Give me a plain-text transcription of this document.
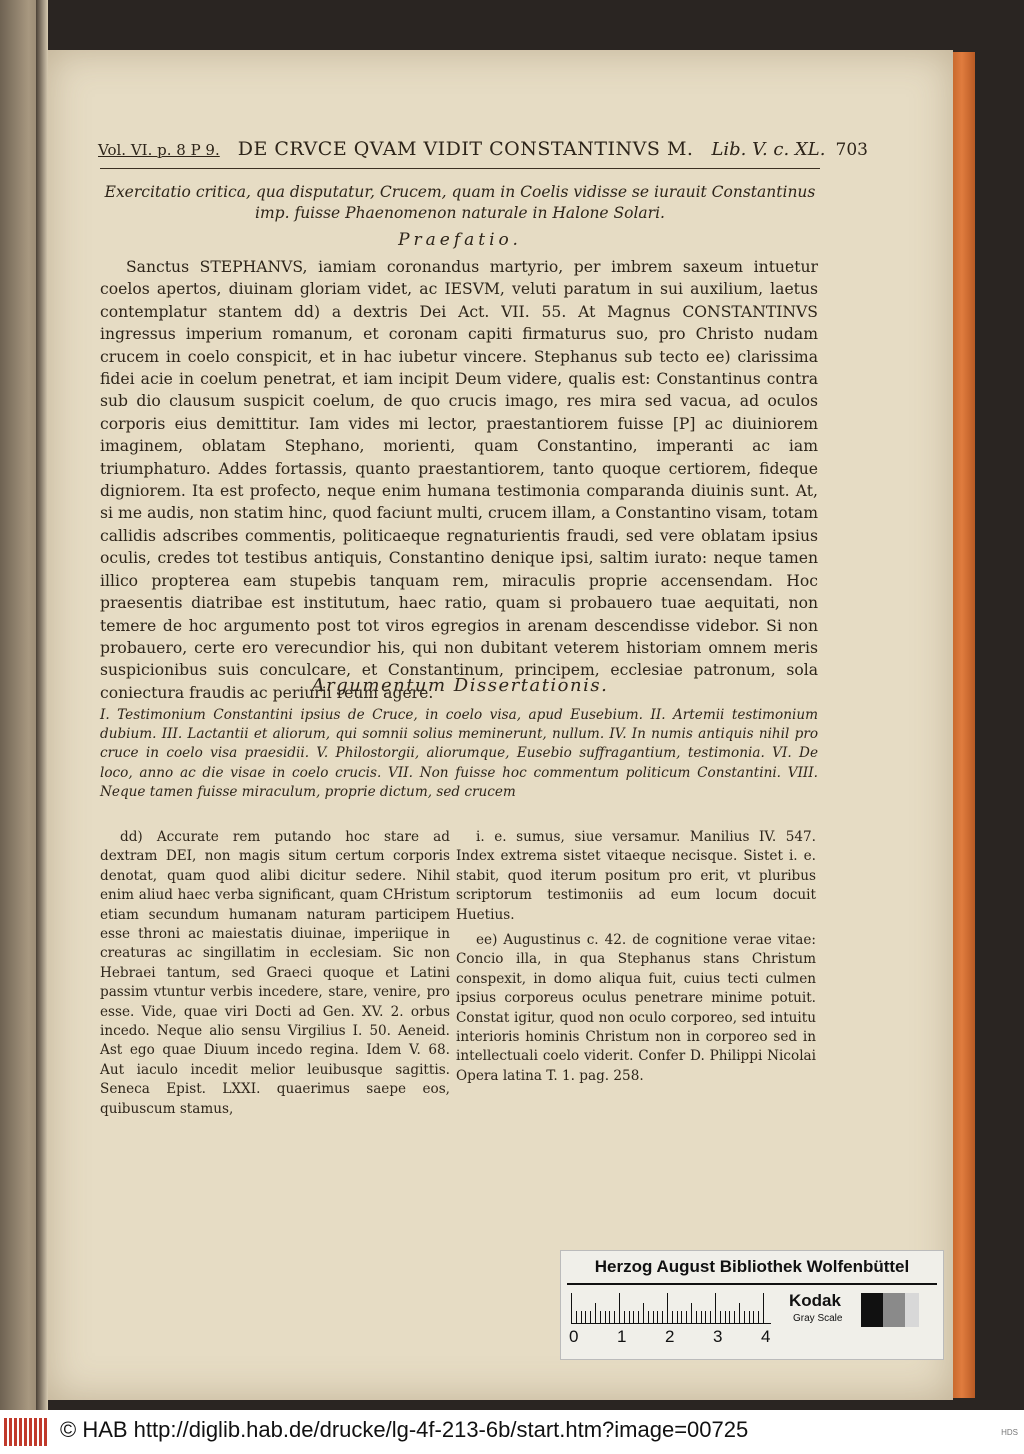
Vol. VI. p. 8 P 9. DE CRVCE QVAM VIDIT CONSTANTINVS M. Lib. V. c. XL. 703
Exercitatio critica, qua disputatur, Crucem, quam in Coelis vidisse se iurauit Constantinus imp. fuisse Phaenomenon naturale in Halone Solari.
Praefatio.
Sanctus STEPHANVS, iamiam coronandus martyrio, per imbrem saxeum intuetur coelos apertos, diuinam gloriam videt, ac IESVM, veluti paratum in sui auxilium, laetus contemplatur stantem dd) a dextris Dei Act. VII. 55. At Magnus CONSTANTINVS ingressus imperium romanum, et coronam capiti firmaturus suo, pro Christo nudam crucem in coelo conspicit, et in hac iubetur vincere. Stephanus sub tecto ee) clarissima fidei acie in coelum penetrat, et iam incipit Deum videre, qualis est: Constantinus contra sub dio clausum suspicit coelum, de quo crucis imago, res mira sed vacua, ad oculos corporis eius demittitur. Iam vides mi lector, praestantiorem fuisse [P] ac diuiniorem imaginem, oblatam Stephano, morienti, quam Constantino, imperanti ac iam triumphaturo. Addes fortassis, quanto praestantiorem, tanto quoque certiorem, fideque digniorem. Ita est profecto, neque enim humana testimonia comparanda diuinis sunt. At, si me audis, non statim hinc, quod faciunt multi, crucem illam, a Constantino visam, totam callidis adscribes commentis, politicaeque regnaturientis fraudi, sed vere oblatam ipsius oculis, credes tot testibus antiquis, Constantino denique ipsi, saltim iurato: neque tamen illico propterea eam stupebis tanquam rem, miraculis proprie accensendam. Hoc praesentis diatribae est institutum, haec ratio, quam si probauero tuae aequitati, non temere de hoc argumento post tot viros egregios in arenam descendisse videbor. Si non probauero, certe ero verecundior his, qui non dubitant veterem historiam omnem meris suspicionibus suis conculcare, et Constantinum, principem, ecclesiae patronum, sola coniectura fraudis ac periurii reum agere.
Argumentum Dissertationis.
I. Testimonium Constantini ipsius de Cruce, in coelo visa, apud Eusebium. II. Artemii testimonium dubium. III. Lactantii et aliorum, qui somnii solius meminerunt, nullum. IV. In numis antiquis nihil pro cruce in coelo visa praesidii. V. Philostorgii, aliorumque, Eusebio suffragantium, testimonia. VI. De loco, anno ac die visae in coelo crucis. VII. Non fuisse hoc commentum politicum Constantini. VIII. Neque tamen fuisse miraculum, proprie dictum, sed crucem

dd) Accurate rem putando hoc stare ad dextram DEI, non magis situm certum corporis denotat, quam quod alibi dicitur sedere. Nihil enim aliud haec verba significant, quam CHristum etiam secundum humanam naturam participem esse throni ac maiestatis diuinae, imperiique in creaturas ac singillatim in ecclesiam. Sic non Hebraei tantum, sed Graeci quoque et Latini passim vtuntur verbis incedere, stare, venire, pro esse. Vide, quae viri Docti ad Gen. XV. 2. orbus incedo. Neque alio sensu Virgilius I. 50. Aeneid. Ast ego quae Diuum incedo regina. Idem V. 68. Aut iaculo incedit melior leuibusque sagittis. Seneca Epist. LXXI. quaerimus saepe eos, quibuscum stamus,

i. e. sumus, siue versamur. Manilius IV. 547. Index extrema sistet vitaeque necisque. Sistet i. e. stabit, quod iterum positum pro erit, vt pluribus scriptorum testimoniis ad eum locum docuit Huetius.

ee) Augustinus c. 42. de cognitione verae vitae: Concio illa, in qua Stephanus stans Christum conspexit, in domo aliqua fuit, cuius tecti culmen ipsius corporeus oculus penetrare minime potuit. Constat igitur, quod non oculo corporeo, sed intuitu interioris hominis Christum non in corporeo sed in intellectuali coelo viderit. Confer D. Philippi Nicolai Opera latina T. 1. pag. 258.

Herzog August Bibliothek Wolfenbüttel
0 1 2 3 4
Kodak
Gray Scale
© HAB http://diglib.hab.de/drucke/lg-4f-213-6b/start.htm?image=00725	HDS
